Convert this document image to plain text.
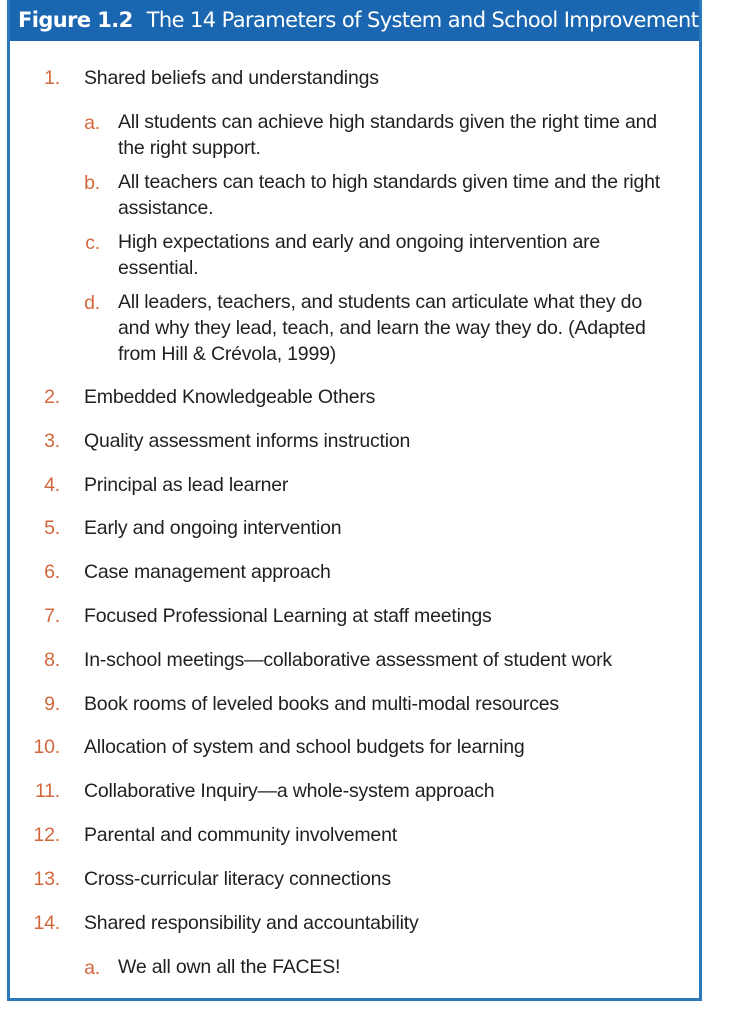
Figure 1.2 The 14 Parameters of System and School Improvement
1. Shared beliefs and understandings
a. All students can achieve high standards given the right time and the right support.
b. All teachers can teach to high standards given time and the right assistance.
c. High expectations and early and ongoing intervention are essential.
d. All leaders, teachers, and students can articulate what they do and why they lead, teach, and learn the way they do. (Adapted from Hill & Crévola, 1999)
2. Embedded Knowledgeable Others
3. Quality assessment informs instruction
4. Principal as lead learner
5. Early and ongoing intervention
6. Case management approach
7. Focused Professional Learning at staff meetings
8. In-school meetings—collaborative assessment of student work
9. Book rooms of leveled books and multi-modal resources
10. Allocation of system and school budgets for learning
11. Collaborative Inquiry—a whole-system approach
12. Parental and community involvement
13. Cross-curricular literacy connections
14. Shared responsibility and accountability
a. We all own all the FACES!
